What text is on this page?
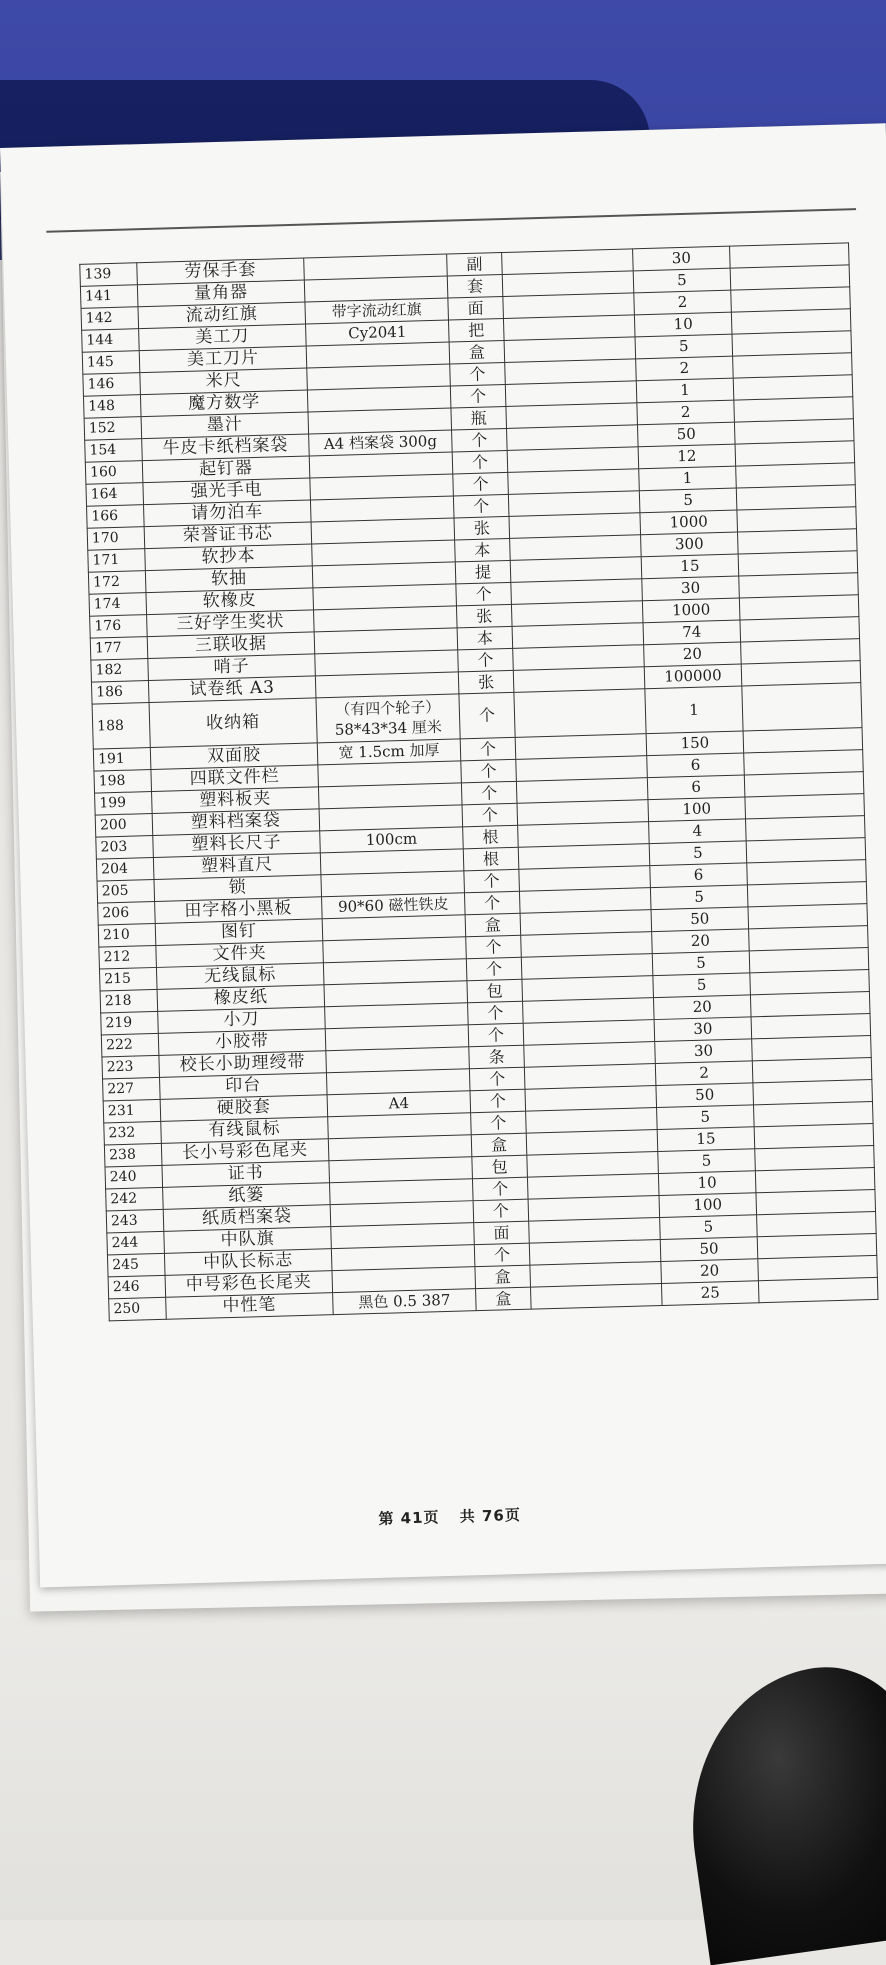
139	劳保手套		副		30	
141	量角器		套		5	
142	流动红旗	带字流动红旗	面		2	
144	美工刀	Cy2041	把		10	
145	美工刀片		盒		5	
146	米尺		个		2	
148	魔方数学		个		1	
152	墨汁		瓶		2	
154	牛皮卡纸档案袋	A4 档案袋 300g	个		50	
160	起钉器		个		12	
164	强光手电		个		1	
166	请勿泊车		个		5	
170	荣誉证书芯		张		1000	
171	软抄本		本		300	
172	软抽		提		15	
174	软橡皮		个		30	
176	三好学生奖状		张		1000	
177	三联收据		本		74	
182	哨子		个		20	
186	试卷纸 A3		张		100000	
188	收纳箱	（有四个轮子）
58*43*34 厘米	个		1	
191	双面胶	宽 1.5cm 加厚	个		150	
198	四联文件栏		个		6	
199	塑料板夹		个		6	
200	塑料档案袋		个		100	
203	塑料长尺子	100cm	根		4	
204	塑料直尺		根		5	
205	锁		个		6	
206	田字格小黑板	90*60 磁性铁皮	个		5	
210	图钉		盒		50	
212	文件夹		个		20	
215	无线鼠标		个		5	
218	橡皮纸		包		5	
219	小刀		个		20	
222	小胶带		个		30	
223	校长小助理绶带		条		30	
227	印台		个		2	
231	硬胶套	A4	个		50	
232	有线鼠标		个		5	
238	长小号彩色尾夹		盒		15	
240	证书		包		5	
242	纸篓		个		10	
243	纸质档案袋		个		100	
244	中队旗		面		5	
245	中队长标志		个		50	
246	中号彩色长尾夹		盒		20	
250	中性笔	黑色 0.5 387	盒		25	
第 41页 共 76页
